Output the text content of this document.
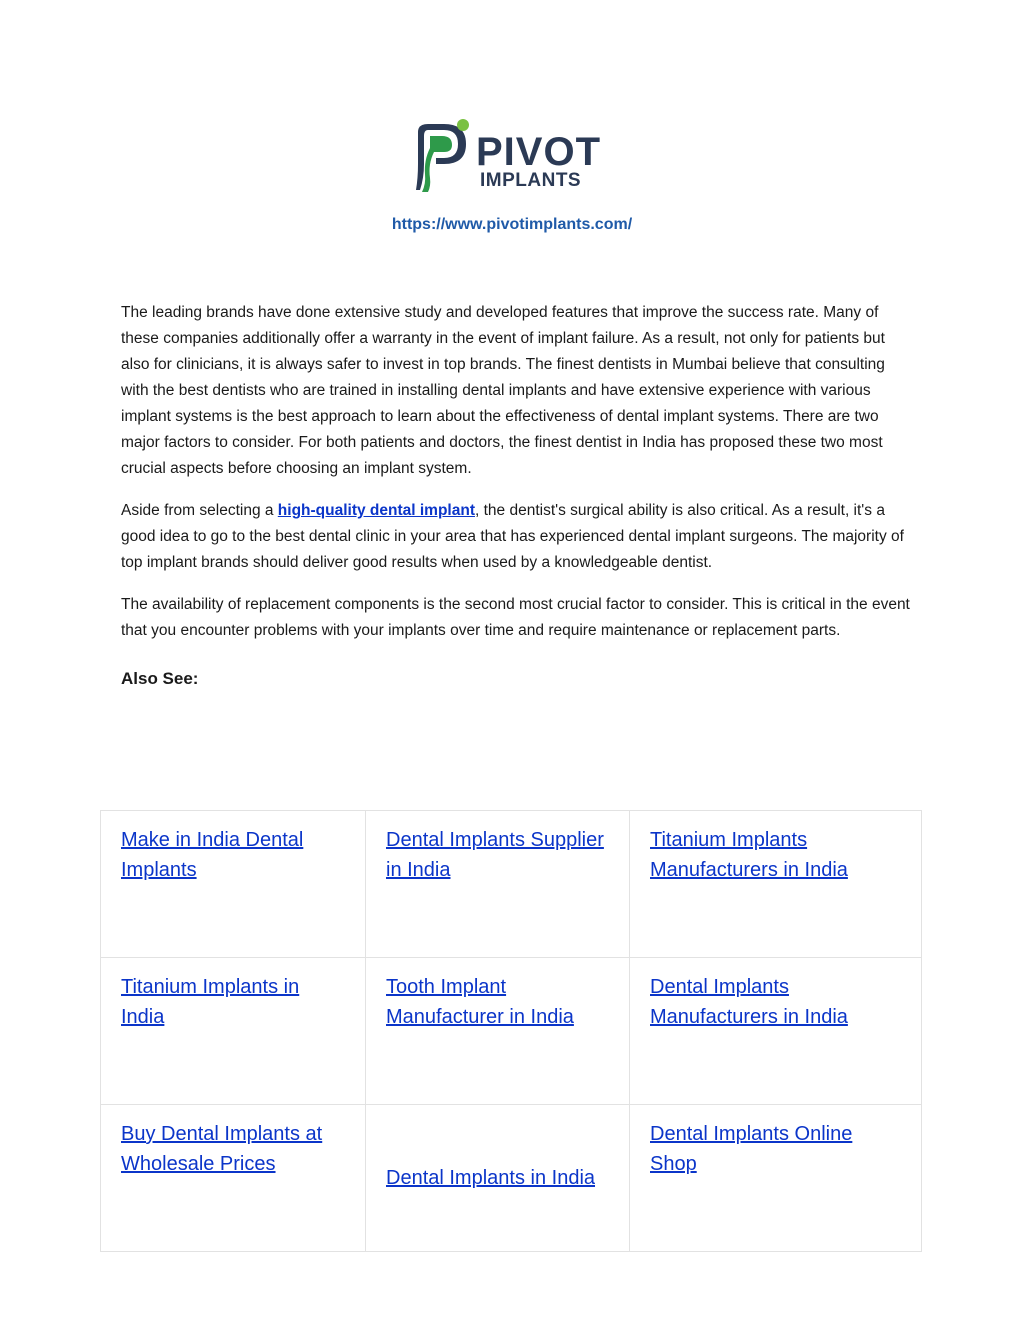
PIVOT
IMPLANTS
https://www.pivotimplants.com/

The leading brands have done extensive study and developed features that improve the success rate. Many of these companies additionally offer a warranty in the event of implant failure. As a result, not only for patients but also for clinicians, it is always safer to invest in top brands. The finest dentists in Mumbai believe that consulting with the best dentists who are trained in installing dental implants and have extensive experience with various implant systems is the best approach to learn about the effectiveness of dental implant systems. There are two major factors to consider. For both patients and doctors, the finest dentist in India has proposed these two most crucial aspects before choosing an implant system.

Aside from selecting a high-quality dental implant, the dentist's surgical ability is also critical. As a result, it's a good idea to go to the best dental clinic in your area that has experienced dental implant surgeons. The majority of top implant brands should deliver good results when used by a knowledgeable dentist.

The availability of replacement components is the second most crucial factor to consider. This is critical in the event that you encounter problems with your implants over time and require maintenance or replacement parts.

Also See:
Make in India Dental Implants	Dental Implants Supplier in India	Titanium Implants Manufacturers in India
Titanium Implants in India	Tooth Implant Manufacturer in India	Dental Implants Manufacturers in India
Buy Dental Implants at Wholesale Prices	Dental Implants in India	Dental Implants Online Shop
